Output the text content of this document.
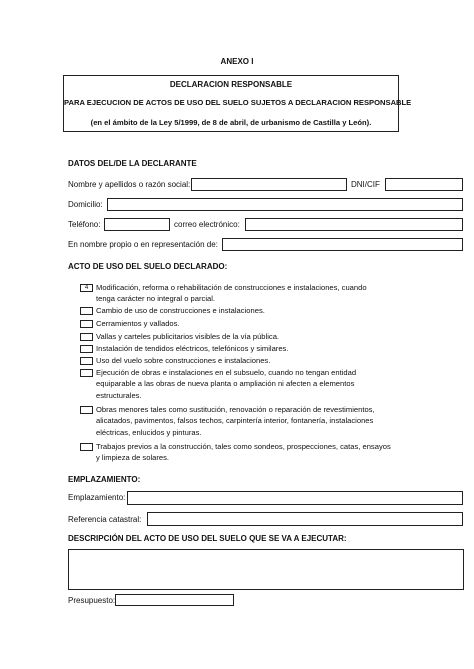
ANEXO I
DECLARACION RESPONSABLE
PARA EJECUCION DE ACTOS DE USO DEL SUELO SUJETOS A DECLARACION RESPONSABLE
(en el ámbito de la Ley 5/1999, de 8 de abril, de urbanismo de Castilla y León).
DATOS DEL/DE LA DECLARANTE
Nombre y apellidos o razón social:	DNI/CIF
Domicilio:
Teléfono:	correo electrónico:
En nombre propio o en representación de:
ACTO DE USO DEL SUELO DECLARADO:
4	Modificación, reforma o rehabilitación de construcciones e instalaciones, cuando
tenga carácter no integral o parcial.
Cambio de uso de construcciones e instalaciones.
Cerramientos y vallados.
Vallas y carteles publicitarios visibles de la vía pública.
Instalación de tendidos eléctricos, telefónicos y similares.
Uso del vuelo sobre construcciones e instalaciones.
Ejecución de obras e instalaciones en el subsuelo, cuando no tengan entidad
equiparable a las obras de nueva planta o ampliación ni afecten a elementos
estructurales.
Obras menores tales como sustitución, renovación o reparación de revestimientos,
alicatados, pavimentos, falsos techos, carpintería interior, fontanería, instalaciones
eléctricas, enlucidos y pinturas.
Trabajos previos a la construcción, tales como sondeos, prospecciones, catas, ensayos
y limpieza de solares.
EMPLAZAMIENTO:
Emplazamiento:
Referencia catastral:
DESCRIPCIÓN DEL ACTO DE USO DEL SUELO QUE SE VA A EJECUTAR:
Presupuesto:
